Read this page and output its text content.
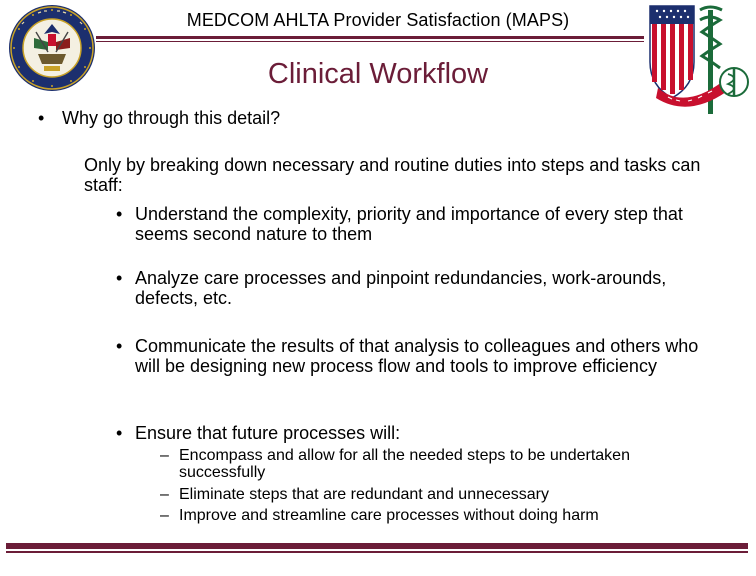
MEDCOM AHLTA Provider Satisfaction (MAPS)
Clinical Workflow
• Why go through this detail?
Only by breaking down necessary and routine duties into steps and tasks can staff:
• Understand the complexity, priority and importance of every step that seems second nature to them
• Analyze care processes and pinpoint redundancies, work-arounds, defects, etc.
• Communicate the results of that analysis to colleagues and others who will be designing new process flow and tools to improve efficiency
• Ensure that future processes will:
– Encompass and allow for all the needed steps to be undertaken successfully
– Eliminate steps that are redundant and unnecessary
– Improve and streamline care processes without doing harm
